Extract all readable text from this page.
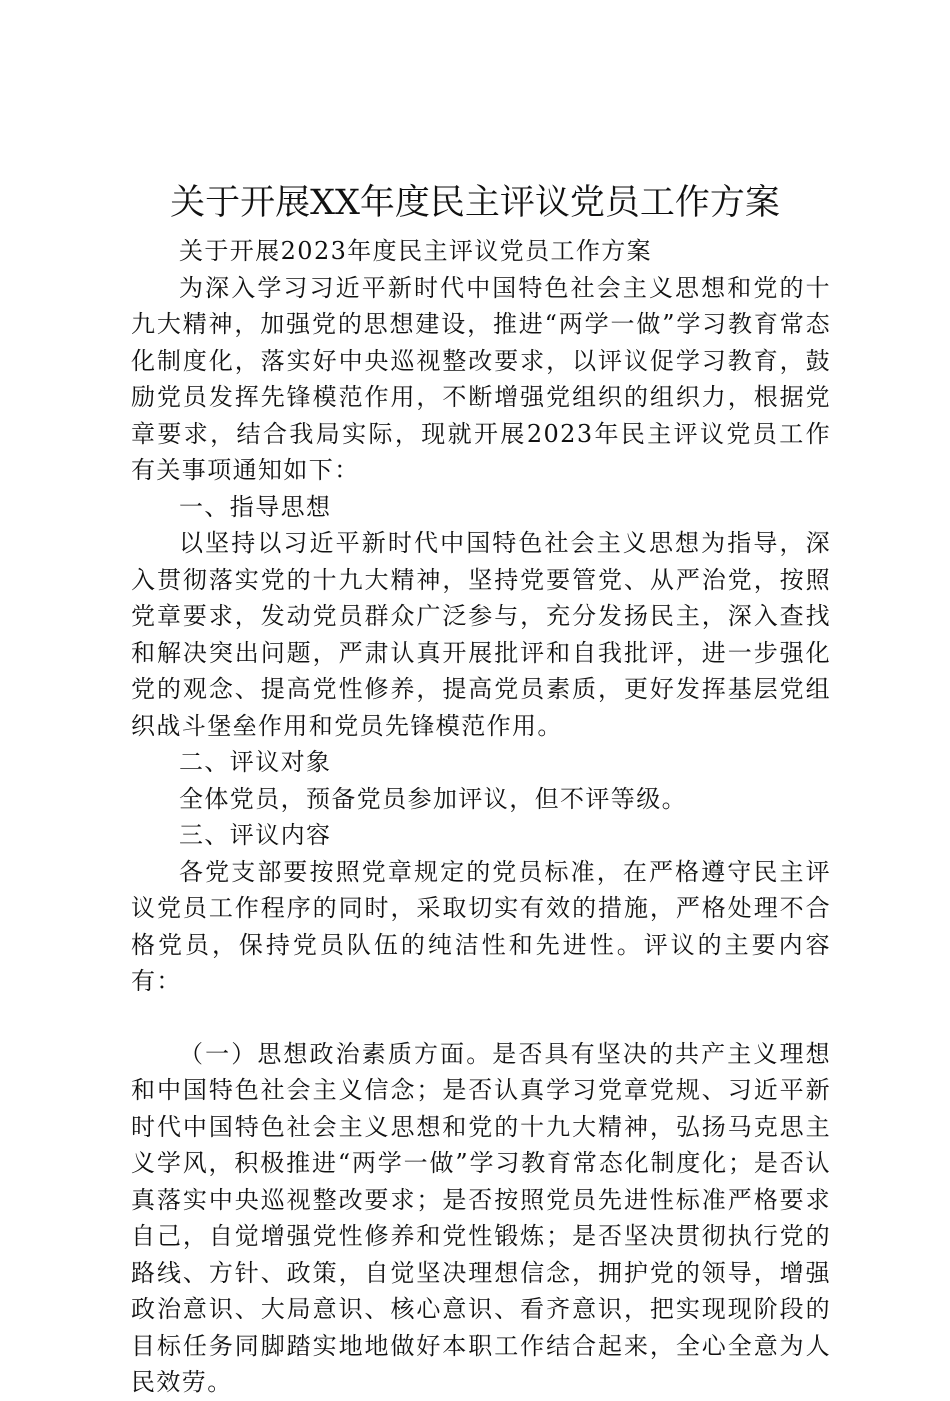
关于开展XX年度民主评议党员工作方案

关于开展2023年度民主评议党员工作方案

为深入学习习近平新时代中国特色社会主义思想和党的十九大精神，加强党的思想建设，推进“两学一做”学习教育常态化制度化，落实好中央巡视整改要求，以评议促学习教育，鼓励党员发挥先锋模范作用，不断增强党组织的组织力，根据党章要求，结合我局实际，现就开展2023年民主评议党员工作有关事项通知如下：

一、指导思想

以坚持以习近平新时代中国特色社会主义思想为指导，深入贯彻落实党的十九大精神，坚持党要管党、从严治党，按照党章要求，发动党员群众广泛参与，充分发扬民主，深入查找和解决突出问题，严肃认真开展批评和自我批评，进一步强化党的观念、提高党性修养，提高党员素质，更好发挥基层党组织战斗堡垒作用和党员先锋模范作用。

二、评议对象

全体党员，预备党员参加评议，但不评等级。

三、评议内容

各党支部要按照党章规定的党员标准，在严格遵守民主评议党员工作程序的同时，采取切实有效的措施，严格处理不合格党员，保持党员队伍的纯洁性和先进性。评议的主要内容有：

（一）思想政治素质方面。是否具有坚决的共产主义理想和中国特色社会主义信念；是否认真学习党章党规、习近平新时代中国特色社会主义思想和党的十九大精神，弘扬马克思主义学风，积极推进“两学一做”学习教育常态化制度化；是否认真落实中央巡视整改要求；是否按照党员先进性标准严格要求自己，自觉增强党性修养和党性锻炼；是否坚决贯彻执行党的路线、方针、政策，自觉坚决理想信念，拥护党的领导，增强政治意识、大局意识、核心意识、看齐意识，把实现现阶段的目标任务同脚踏实地地做好本职工作结合起来，全心全意为人民效劳。
